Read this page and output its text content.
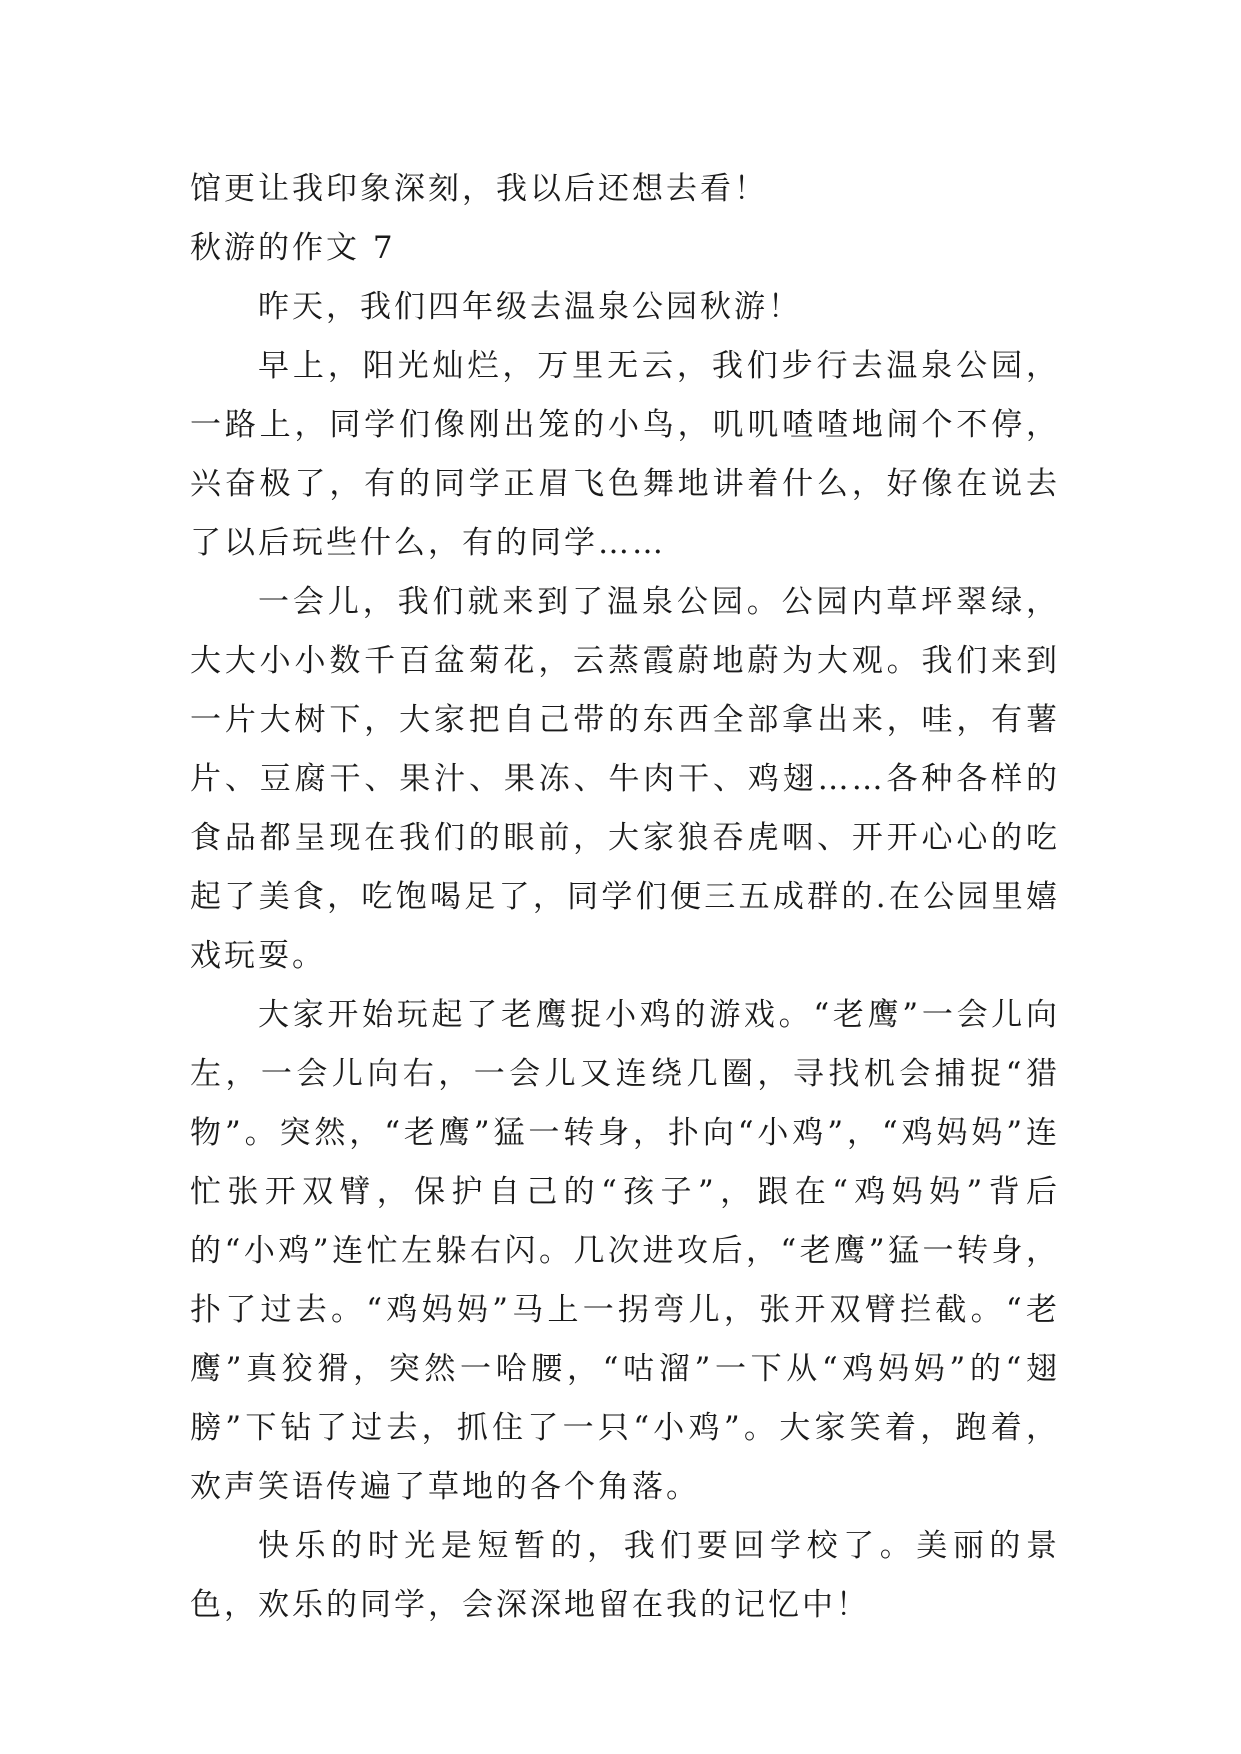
馆更让我印象深刻，我以后还想去看！

秋游的作文 7

昨天，我们四年级去温泉公园秋游！

早上，阳光灿烂，万里无云，我们步行去温泉公园，一路上，同学们像刚出笼的小鸟，叽叽喳喳地闹个不停，兴奋极了，有的同学正眉飞色舞地讲着什么，好像在说去了以后玩些什么，有的同学……

一会儿，我们就来到了温泉公园。公园内草坪翠绿，大大小小数千百盆菊花，云蒸霞蔚地蔚为大观。我们来到一片大树下，大家把自己带的东西全部拿出来，哇，有薯片、豆腐干、果汁、果冻、牛肉干、鸡翅……各种各样的食品都呈现在我们的眼前，大家狼吞虎咽、开开心心的吃起了美食，吃饱喝足了，同学们便三五成群的.在公园里嬉戏玩耍。

大家开始玩起了老鹰捉小鸡的游戏。“老鹰”一会儿向左，一会儿向右，一会儿又连绕几圈，寻找机会捕捉“猎物”。突然，“老鹰”猛一转身，扑向“小鸡”，“鸡妈妈”连忙张开双臂，保护自己的“孩子”，跟在“鸡妈妈”背后的“小鸡”连忙左躲右闪。几次进攻后，“老鹰”猛一转身，扑了过去。“鸡妈妈”马上一拐弯儿，张开双臂拦截。“老鹰”真狡猾，突然一哈腰，“咕溜”一下从“鸡妈妈”的“翅膀”下钻了过去，抓住了一只“小鸡”。大家笑着，跑着，欢声笑语传遍了草地的各个角落。

快乐的时光是短暂的，我们要回学校了。美丽的景色，欢乐的同学，会深深地留在我的记忆中！
